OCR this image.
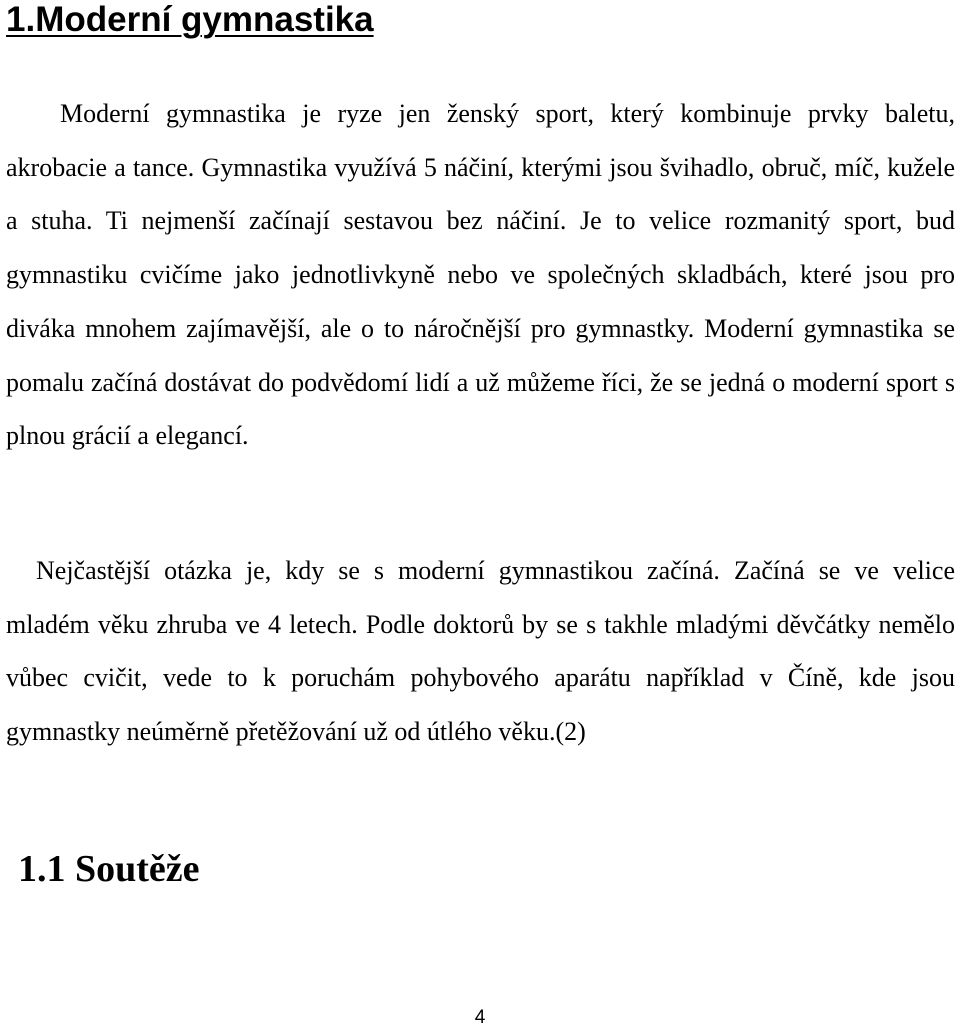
1.Moderní gymnastika

Moderní gymnastika je ryze jen ženský sport, který kombinuje prvky baletu, akrobacie a tance. Gymnastika využívá 5 náčiní, kterými jsou švihadlo, obruč, míč, kužele a stuha. Ti nejmenší začínají sestavou bez náčiní. Je to velice rozmanitý sport, bud gymnastiku cvičíme jako jednotlivkyně nebo ve společných skladbách, které jsou pro diváka mnohem zajímavější, ale o to náročnější pro gymnastky. Moderní gymnastika se pomalu začíná dostávat do podvědomí lidí a už můžeme říci, že se jedná o moderní sport s plnou grácií a elegancí.

Nejčastější otázka je, kdy se s moderní gymnastikou začíná. Začíná se ve velice mladém věku zhruba ve 4 letech. Podle doktorů by se s takhle mladými děvčátky nemělo vůbec cvičit, vede to k poruchám pohybového aparátu například v Číně, kde jsou gymnastky neúměrně přetěžování už od útlého věku.(2)

1.1 Soutěže
4
